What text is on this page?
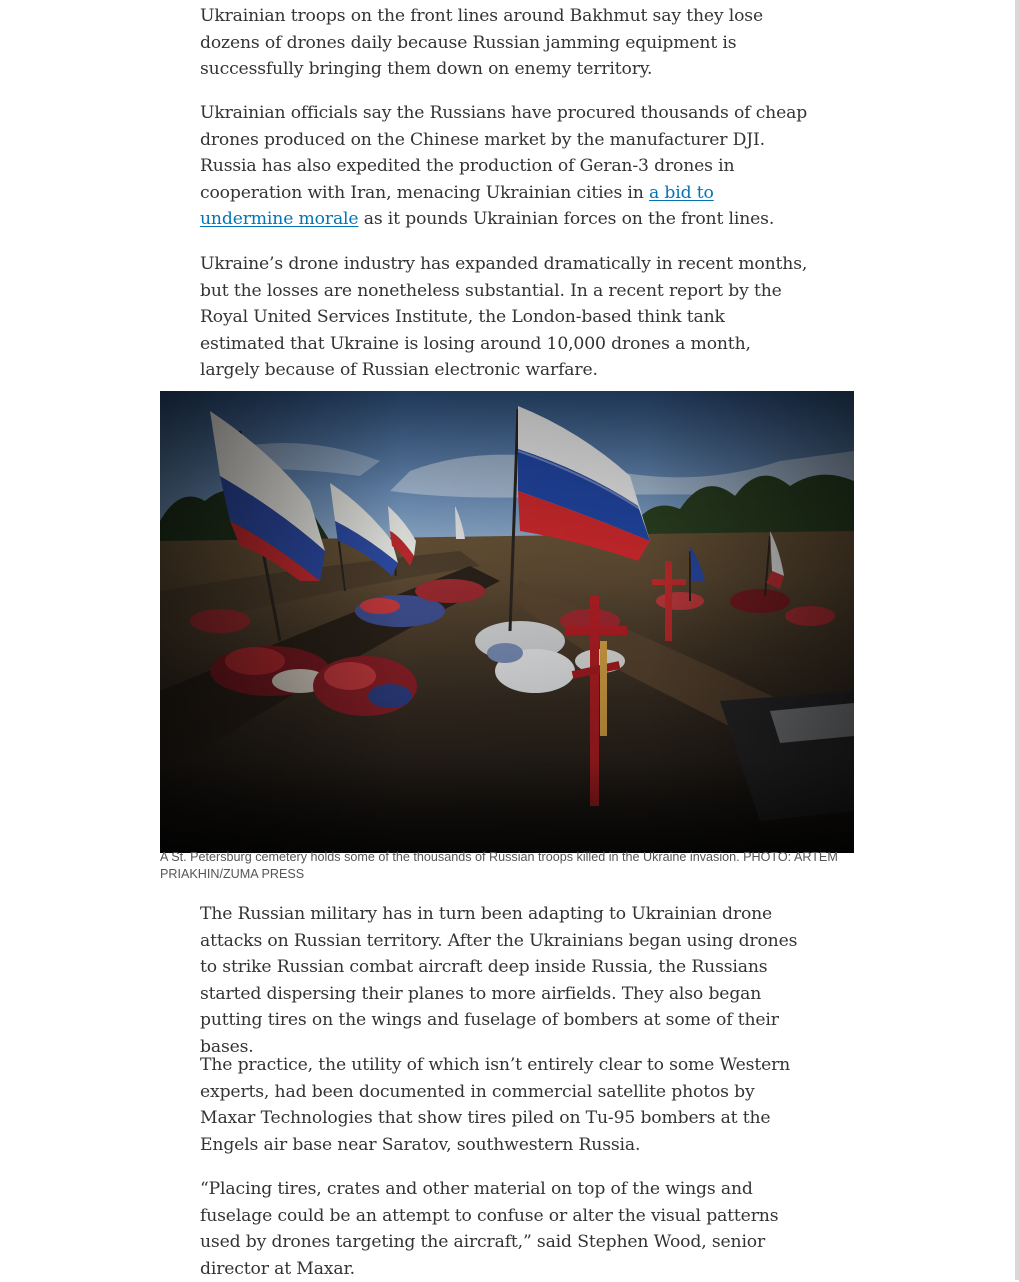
Ukrainian troops on the front lines around Bakhmut say they lose dozens of drones daily because Russian jamming equipment is successfully bringing them down on enemy territory.

Ukrainian officials say the Russians have procured thousands of cheap drones produced on the Chinese market by the manufacturer DJI. Russia has also expedited the production of Geran-3 drones in cooperation with Iran, menacing Ukrainian cities in a bid to undermine morale as it pounds Ukrainian forces on the front lines.

Ukraine’s drone industry has expanded dramatically in recent months, but the losses are nonetheless substantial. In a recent report by the Royal United Services Institute, the London-based think tank estimated that Ukraine is losing around 10,000 drones a month, largely because of Russian electronic warfare.

The Russian military has in turn been adapting to Ukrainian drone attacks on Russian territory. After the Ukrainians began using drones to strike Russian combat aircraft deep inside Russia, the Russians started dispersing their planes to more airfields. They also began putting tires on the wings and fuselage of bombers at some of their bases.

The practice, the utility of which isn’t entirely clear to some Western experts, had been documented in commercial satellite photos by Maxar Technologies that show tires piled on Tu-95 bombers at the Engels air base near Saratov, southwestern Russia.

“Placing tires, crates and other material on top of the wings and fuselage could be an attempt to confuse or alter the visual patterns used by drones targeting the aircraft,” said Stephen Wood, senior director at Maxar.

A St. Petersburg cemetery holds some of the thousands of Russian troops killed in the Ukraine invasion. PHOTO: ARTEM PRIAKHIN/ZUMA PRESS
